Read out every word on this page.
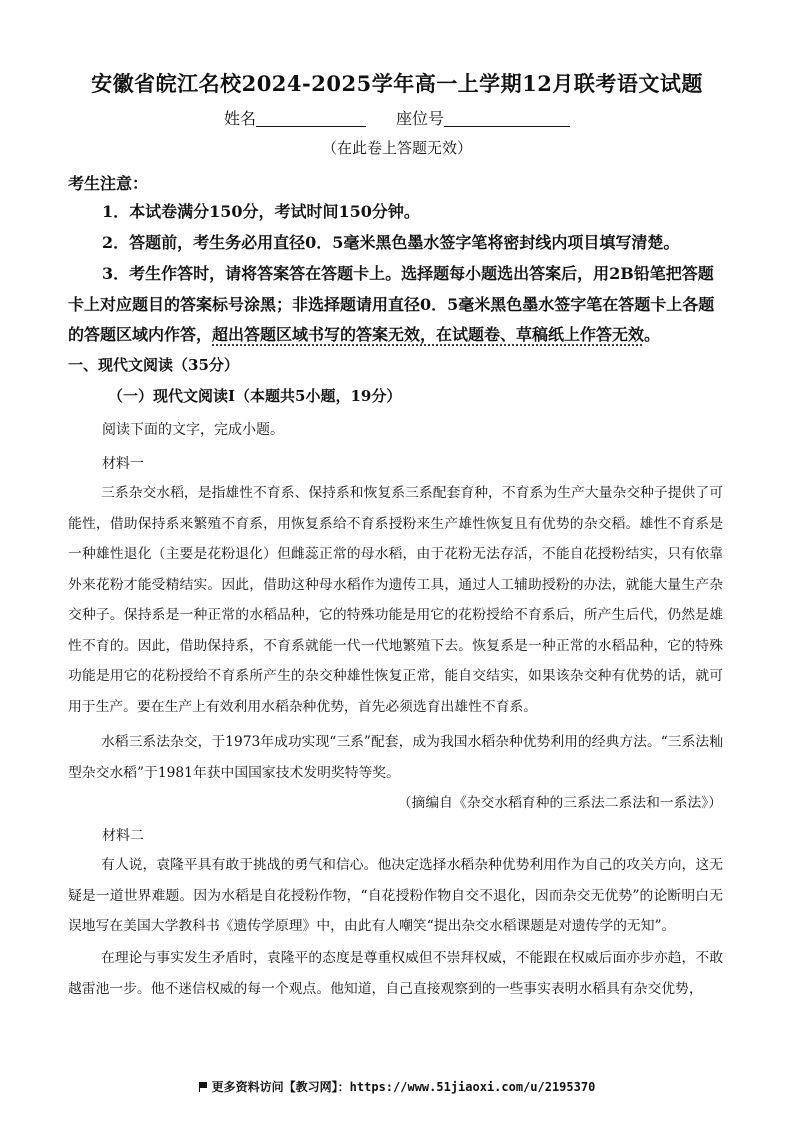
安徽省皖江名校2024-2025学年高一上学期12月联考语文试题
姓名	座位号
（在此卷上答题无效）
考生注意：
1．本试卷满分150分，考试时间150分钟。
2．答题前，考生务必用直径0．5毫米黑色墨水签字笔将密封线内项目填写清楚。
3．考生作答时，请将答案答在答题卡上。选择题每小题选出答案后，用2B铅笔把答题卡上对应题目的答案标号涂黑；非选择题请用直径0．5毫米黑色墨水签字笔在答题卡上各题的答题区域内作答，超出答题区域书写的答案无效，在试题卷、草稿纸上作答无效。
一、现代文阅读（35分）
（一）现代文阅读Ⅰ（本题共5小题，19分）
阅读下面的文字，完成小题。
材料一
三系杂交水稻，是指雄性不育系、保持系和恢复系三系配套育种，不育系为生产大量杂交种子提供了可能性，借助保持系来繁殖不育系，用恢复系给不育系授粉来生产雄性恢复且有优势的杂交稻。雄性不育系是一种雄性退化（主要是花粉退化）但雌蕊正常的母水稻，由于花粉无法存活，不能自花授粉结实，只有依靠外来花粉才能受精结实。因此，借助这种母水稻作为遗传工具，通过人工辅助授粉的办法，就能大量生产杂交种子。保持系是一种正常的水稻品种，它的特殊功能是用它的花粉授给不育系后，所产生后代，仍然是雄性不育的。因此，借助保持系，不育系就能一代一代地繁殖下去。恢复系是一种正常的水稻品种，它的特殊功能是用它的花粉授给不育系所产生的杂交种雄性恢复正常，能自交结实，如果该杂交种有优势的话，就可用于生产。要在生产上有效利用水稻杂种优势，首先必须选育出雄性不育系。
水稻三系法杂交，于1973年成功实现“三系”配套，成为我国水稻杂种优势利用的经典方法。“三系法籼型杂交水稻”于1981年获中国国家技术发明奖特等奖。
（摘编自《杂交水稻育种的三系法二系法和一系法》）
材料二
有人说，袁隆平具有敢于挑战的勇气和信心。他决定选择水稻杂种优势利用作为自己的攻关方向，这无疑是一道世界难题。因为水稻是自花授粉作物，“自花授粉作物自交不退化，因而杂交无优势”的论断明白无误地写在美国大学教科书《遗传学原理》中，由此有人嘲笑“提出杂交水稻课题是对遗传学的无知”。
在理论与事实发生矛盾时，袁隆平的态度是尊重权威但不崇拜权威，不能跟在权威后面亦步亦趋，不敢越雷池一步。他不迷信权威的每一个观点。他知道，自己直接观察到的一些事实表明水稻具有杂交优势，
更多资料访问【教习网】：https://www.51jiaoxi.com/u/2195370
